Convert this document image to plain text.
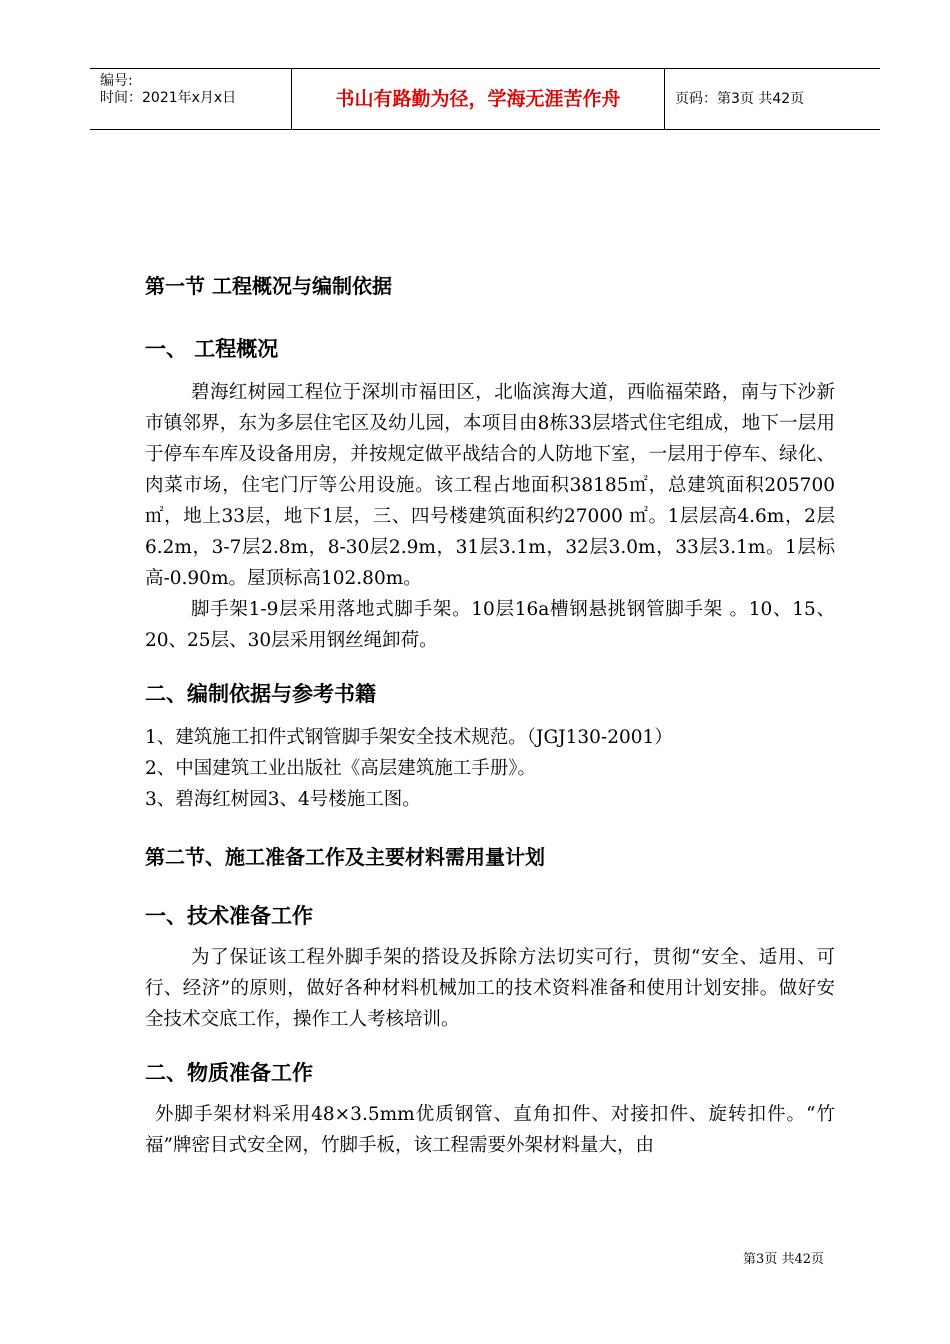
编号:
时间：2021年x月x日	书山有路勤为径，学海无涯苦作舟	页码：第3页 共42页
第一节 工程概况与编制依据
一、 工程概况

碧海红树园工程位于深圳市福田区，北临滨海大道，西临福荣路，南与下沙新市镇邻界，东为多层住宅区及幼儿园，本项目由8栋33层塔式住宅组成，地下一层用于停车车库及设备用房，并按规定做平战结合的人防地下室，一层用于停车、绿化、肉菜市场，住宅门厅等公用设施。该工程占地面积38185㎡，总建筑面积205700 ㎡，地上33层，地下1层，三、四号楼建筑面积约27000 ㎡。1层层高4.6m，2层6.2m，3-7层2.8m，8-30层2.9m，31层3.1m，32层3.0m，33层3.1m。1层标高-0.90m。屋顶标高102.80m。

脚手架1-9层采用落地式脚手架。10层16a槽钢悬挑钢管脚手架 。10、15、20、25层、30层采用钢丝绳卸荷。

二、编制依据与参考书籍

1、建筑施工扣件式钢管脚手架安全技术规范。（JGJ130-2001）

2、中国建筑工业出版社《高层建筑施工手册》。

3、碧海红树园3、4号楼施工图。

第二节、施工准备工作及主要材料需用量计划
一、技术准备工作

为了保证该工程外脚手架的搭设及拆除方法切实可行，贯彻“安全、适用、可行、经济”的原则，做好各种材料机械加工的技术资料准备和使用计划安排。做好安全技术交底工作，操作工人考核培训。

二、物质准备工作

外脚手架材料采用48×3.5mm优质钢管、直角扣件、对接扣件、旋转扣件。“竹福”牌密目式安全网，竹脚手板，该工程需要外架材料量大，由

第3页 共42页
